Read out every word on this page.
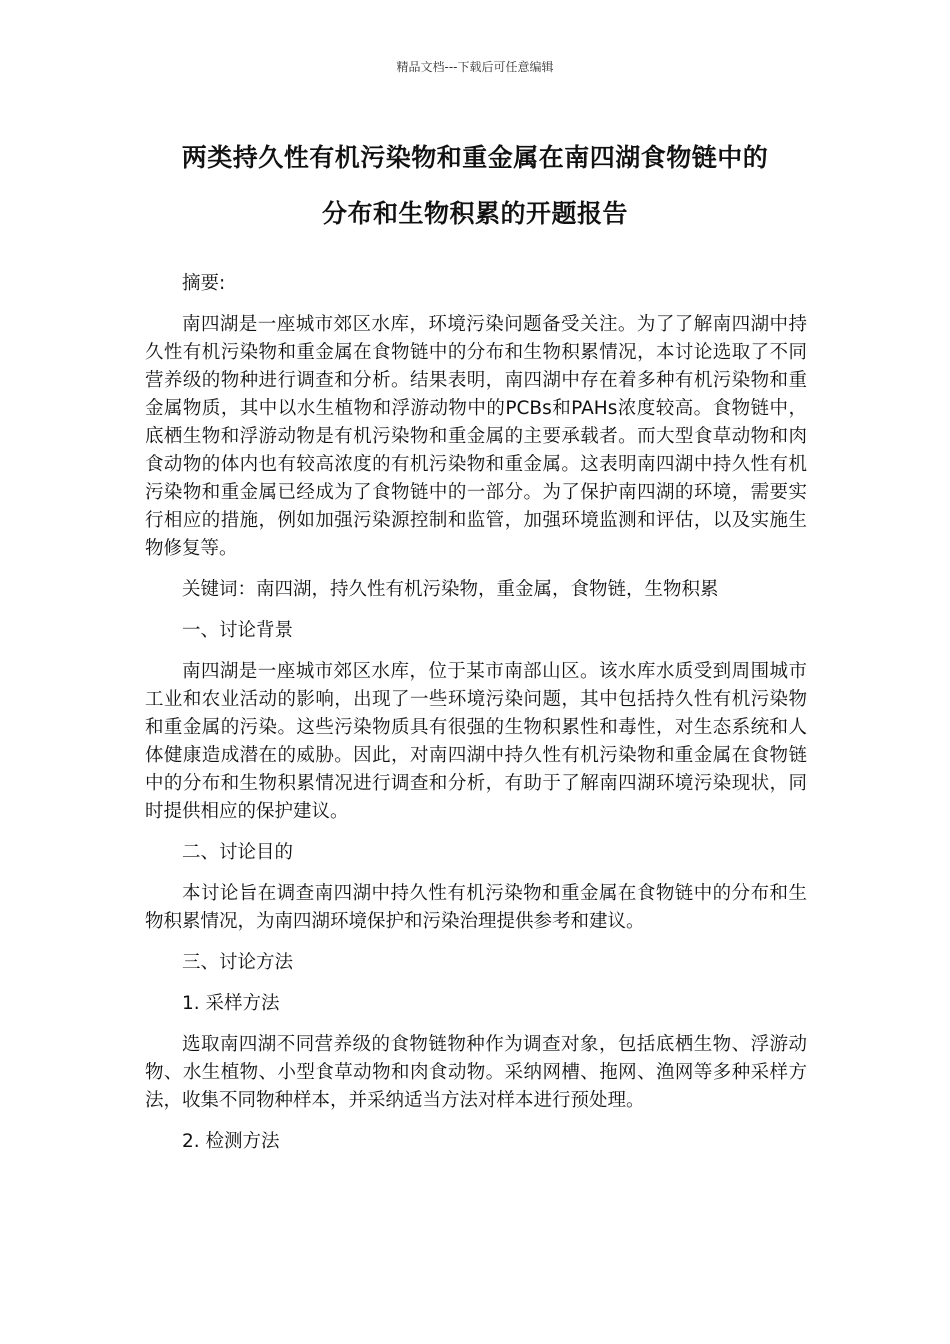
精品文档---下载后可任意编辑
两类持久性有机污染物和重金属在南四湖食物链中的
分布和生物积累的开题报告

摘要:

南四湖是一座城市郊区水库，环境污染问题备受关注。为了了解南四湖中持久性有机污染物和重金属在食物链中的分布和生物积累情况，本讨论选取了不同营养级的物种进行调查和分析。结果表明，南四湖中存在着多种有机污染物和重金属物质，其中以水生植物和浮游动物中的PCBs和PAHs浓度较高。食物链中，底栖生物和浮游动物是有机污染物和重金属的主要承载者。而大型食草动物和肉食动物的体内也有较高浓度的有机污染物和重金属。这表明南四湖中持久性有机污染物和重金属已经成为了食物链中的一部分。为了保护南四湖的环境，需要实行相应的措施，例如加强污染源控制和监管，加强环境监测和评估，以及实施生物修复等。

关键词：南四湖，持久性有机污染物，重金属，食物链，生物积累

一、讨论背景

南四湖是一座城市郊区水库，位于某市南部山区。该水库水质受到周围城市工业和农业活动的影响，出现了一些环境污染问题，其中包括持久性有机污染物和重金属的污染。这些污染物质具有很强的生物积累性和毒性，对生态系统和人体健康造成潜在的威胁。因此，对南四湖中持久性有机污染物和重金属在食物链中的分布和生物积累情况进行调查和分析，有助于了解南四湖环境污染现状，同时提供相应的保护建议。

二、讨论目的

本讨论旨在调查南四湖中持久性有机污染物和重金属在食物链中的分布和生物积累情况，为南四湖环境保护和污染治理提供参考和建议。

三、讨论方法

1. 采样方法

选取南四湖不同营养级的食物链物种作为调查对象，包括底栖生物、浮游动物、水生植物、小型食草动物和肉食动物。采纳网槽、拖网、渔网等多种采样方法，收集不同物种样本，并采纳适当方法对样本进行预处理。

2. 检测方法
